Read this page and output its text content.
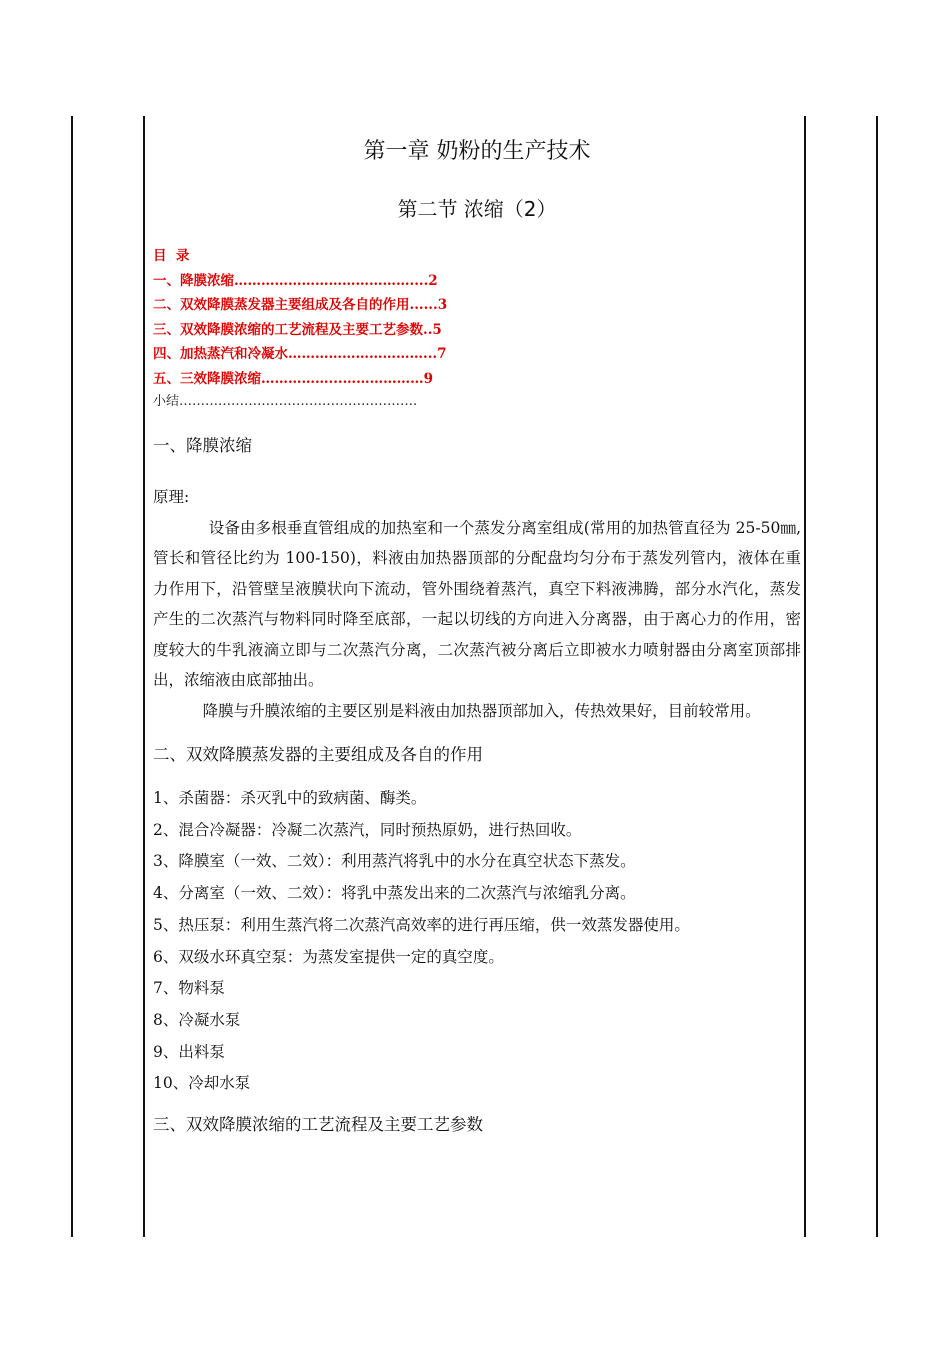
第一章 奶粉的生产技术
第二节 浓缩（2）
目  录
一、降膜浓缩…………………………………....2
二、双效降膜蒸发器主要组成及各自的作用......3
三、双效降膜浓缩的工艺流程及主要工艺参数..5
四、加热蒸汽和冷凝水…………………………...7
五、三效降膜浓缩……………...………………9
小结……………………………………………….
一、降膜浓缩

原理:

设备由多根垂直管组成的加热室和一个蒸发分离室组成(常用的加热管直径为 25-50㎜,管长和管径比约为 100-150)，料液由加热器顶部的分配盘均匀分布于蒸发列管内，液体在重力作用下，沿管壁呈液膜状向下流动，管外围绕着蒸汽，真空下料液沸腾，部分水汽化，蒸发产生的二次蒸汽与物料同时降至底部，一起以切线的方向进入分离器，由于离心力的作用，密度较大的牛乳液滴立即与二次蒸汽分离，二次蒸汽被分离后立即被水力喷射器由分离室顶部排出，浓缩液由底部抽出。

降膜与升膜浓缩的主要区别是料液由加热器顶部加入，传热效果好，目前较常用。

二、双效降膜蒸发器的主要组成及各自的作用

1、杀菌器：杀灭乳中的致病菌、酶类。

2、混合冷凝器：冷凝二次蒸汽，同时预热原奶，进行热回收。

3、降膜室（一效、二效）：利用蒸汽将乳中的水分在真空状态下蒸发。

4、分离室（一效、二效）：将乳中蒸发出来的二次蒸汽与浓缩乳分离。

5、热压泵：利用生蒸汽将二次蒸汽高效率的进行再压缩，供一效蒸发器使用。

6、双级水环真空泵：为蒸发室提供一定的真空度。

7、物料泵

8、冷凝水泵

9、出料泵

10、冷却水泵

三、双效降膜浓缩的工艺流程及主要工艺参数
